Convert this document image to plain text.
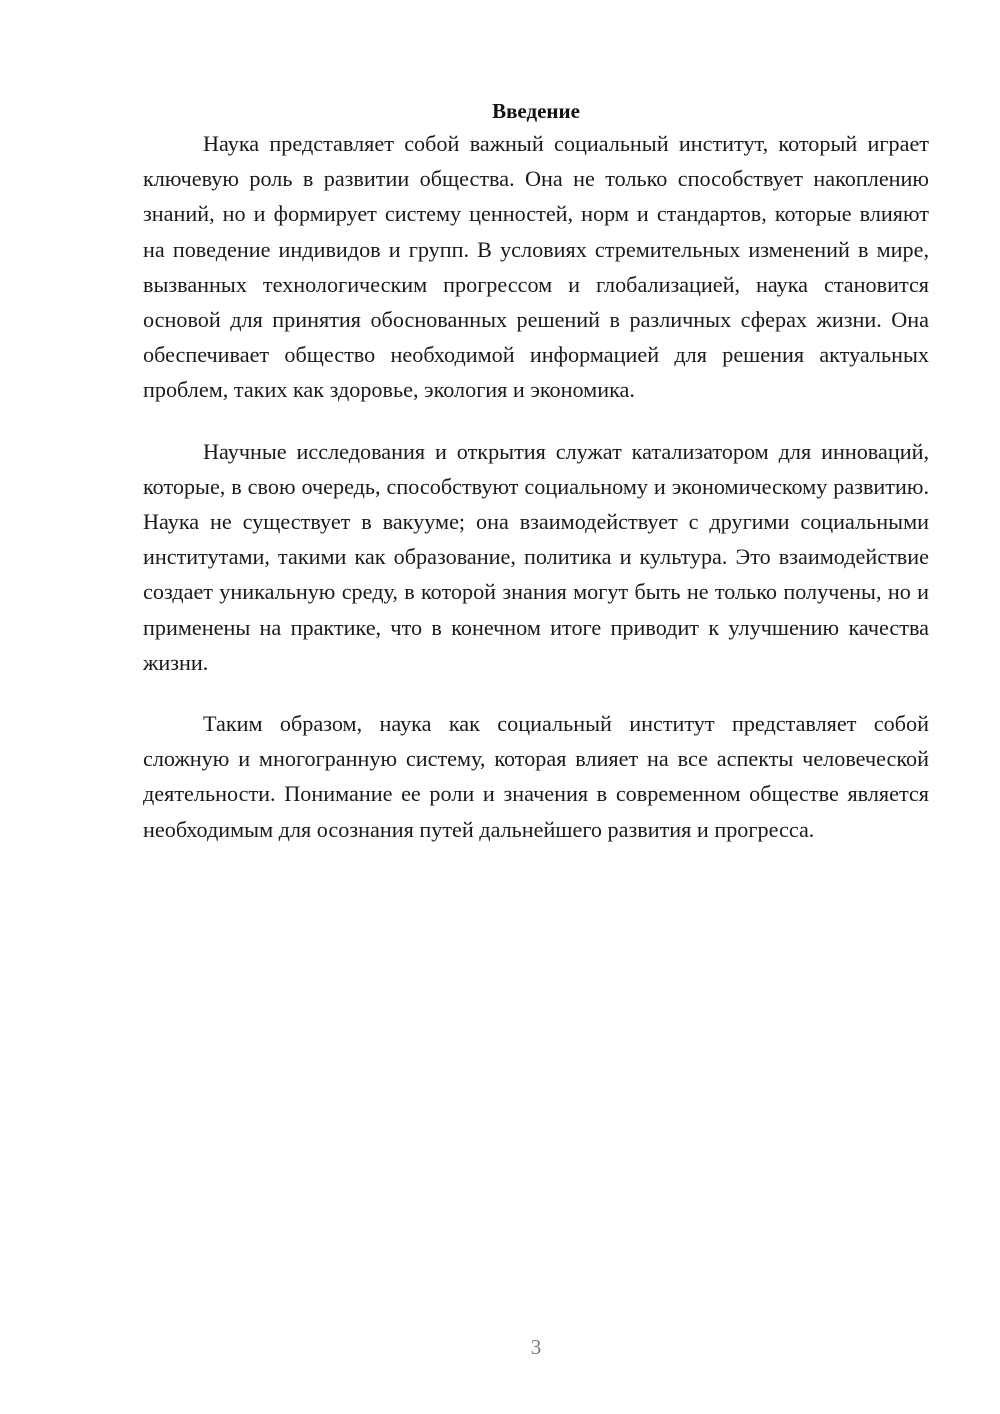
Введение

Наука представляет собой важный социальный институт, который играет ключевую роль в развитии общества. Она не только способствует накоплению знаний, но и формирует систему ценностей, норм и стандартов, которые влияют на поведение индивидов и групп. В условиях стремительных изменений в мире, вызванных технологическим прогрессом и глобализацией, наука становится основой для принятия обоснованных решений в различных сферах жизни. Она обеспечивает общество необходимой информацией для решения актуальных проблем, таких как здоровье, экология и экономика.

Научные исследования и открытия служат катализатором для инноваций, которые, в свою очередь, способствуют социальному и экономическому развитию. Наука не существует в вакууме; она взаимодействует с другими социальными институтами, такими как образование, политика и культура. Это взаимодействие создает уникальную среду, в которой знания могут быть не только получены, но и применены на практике, что в конечном итоге приводит к улучшению качества жизни.

Таким образом, наука как социальный институт представляет собой сложную и многогранную систему, которая влияет на все аспекты человеческой деятельности. Понимание ее роли и значения в современном обществе является необходимым для осознания путей дальнейшего развития и прогресса.

3
